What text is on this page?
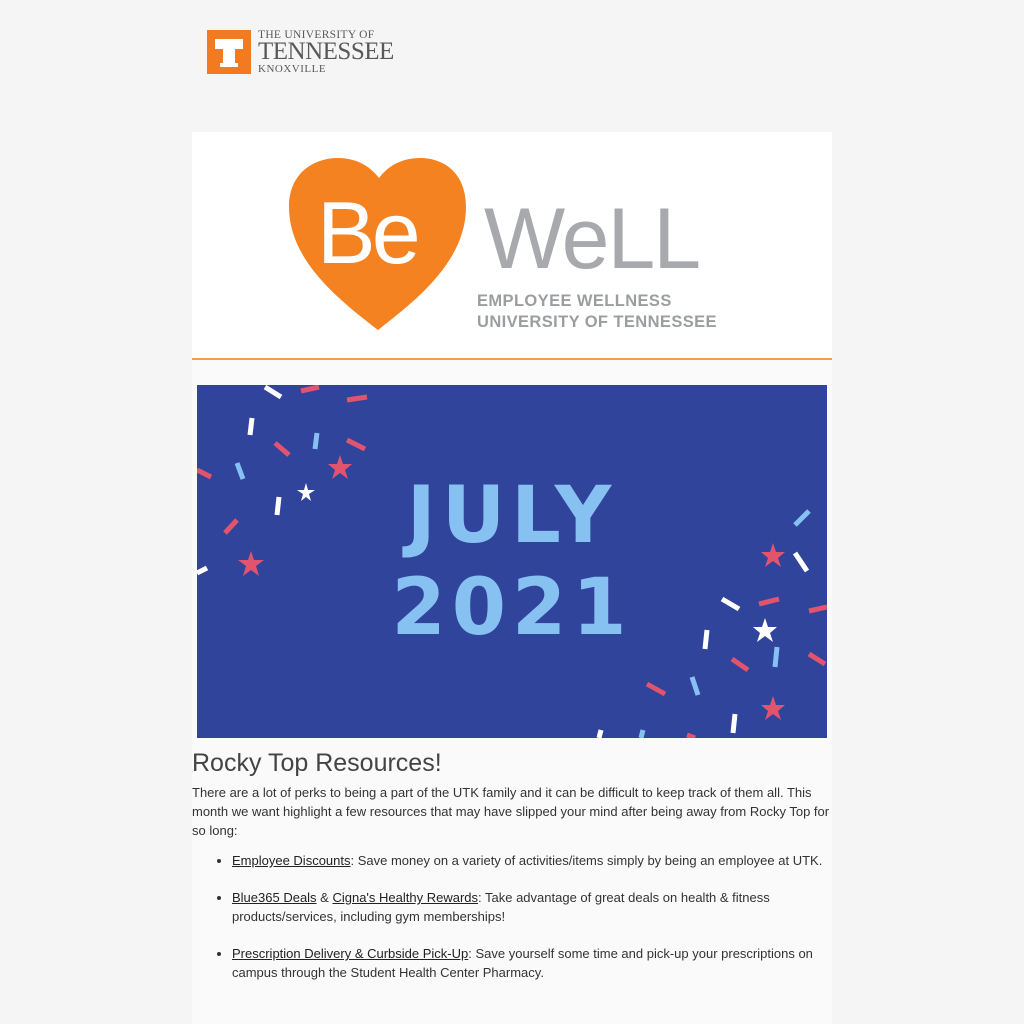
THE UNIVERSITY OF
TENNESSEE
KNOXVILLE
Be WeLL
EMPLOYEE WELLNESS
UNIVERSITY OF TENNESSEE
JULY
2021
Rocky Top Resources!

There are a lot of perks to being a part of the UTK family and it can be difficult to keep track of them all. This month we want highlight a few resources that may have slipped your mind after being away from Rocky Top for so long:

• Employee Discounts: Save money on a variety of activities/items simply by being an employee at UTK.
• Blue365 Deals & Cigna's Healthy Rewards: Take advantage of great deals on health & fitness products/services, including gym memberships!
• Prescription Delivery & Curbside Pick-Up: Save yourself some time and pick-up your prescriptions on campus through the Student Health Center Pharmacy.
